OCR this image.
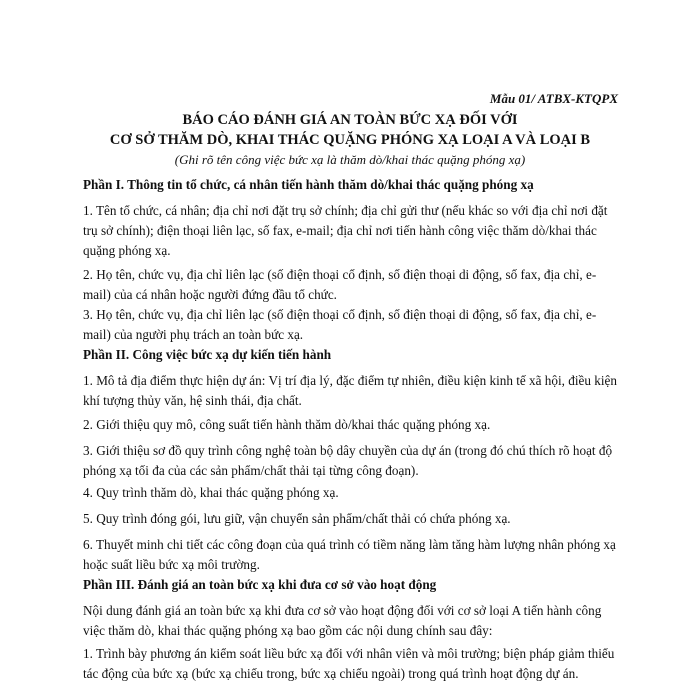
Mẫu 01/ ATBX-KTQPX
BÁO CÁO ĐÁNH GIÁ AN TOÀN BỨC XẠ ĐỐI VỚI
CƠ SỞ THĂM DÒ, KHAI THÁC QUẶNG PHÓNG XẠ LOẠI A VÀ LOẠI B
(Ghi rõ tên công việc bức xạ là thăm dò/khai thác quặng phóng xạ)
Phần I. Thông tin tổ chức, cá nhân tiến hành thăm dò/khai thác quặng phóng xạ
1. Tên tổ chức, cá nhân; địa chỉ nơi đặt trụ sở chính; địa chỉ gửi thư (nếu khác so với địa chỉ nơi đặt trụ sở chính); điện thoại liên lạc, số fax, e-mail; địa chỉ nơi tiến hành công việc thăm dò/khai thác quặng phóng xạ.
2. Họ tên, chức vụ, địa chỉ liên lạc (số điện thoại cố định, số điện thoại di động, số fax, địa chỉ, e-mail) của cá nhân hoặc người đứng đầu tổ chức.
3. Họ tên, chức vụ, địa chỉ liên lạc (số điện thoại cố định, số điện thoại di động, số fax, địa chỉ, e-mail) của người phụ trách an toàn bức xạ.
Phần II. Công việc bức xạ dự kiến tiến hành
1. Mô tả địa điểm thực hiện dự án: Vị trí địa lý, đặc điểm tự nhiên, điều kiện kinh tế xã hội, điều kiện khí tượng thủy văn, hệ sinh thái, địa chất.
2. Giới thiệu quy mô, công suất tiến hành thăm dò/khai thác quặng phóng xạ.
3. Giới thiệu sơ đồ quy trình công nghệ toàn bộ dây chuyền của dự án (trong đó chú thích rõ hoạt độ phóng xạ tối đa của các sản phẩm/chất thải tại từng công đoạn).
4. Quy trình thăm dò, khai thác quặng phóng xạ.
5. Quy trình đóng gói, lưu giữ, vận chuyển sản phẩm/chất thải có chứa phóng xạ.
6. Thuyết minh chi tiết các công đoạn của quá trình có tiềm năng làm tăng hàm lượng nhân phóng xạ hoặc suất liều bức xạ môi trường.
Phần III. Đánh giá an toàn bức xạ khi đưa cơ sở vào hoạt động
Nội dung đánh giá an toàn bức xạ khi đưa cơ sở vào hoạt động đối với cơ sở loại A tiến hành công việc thăm dò, khai thác quặng phóng xạ bao gồm các nội dung chính sau đây:
1. Trình bày phương án kiểm soát liều bức xạ đối với nhân viên và môi trường; biện pháp giảm thiểu tác động của bức xạ (bức xạ chiếu trong, bức xạ chiếu ngoài) trong quá trình hoạt động dự án.
